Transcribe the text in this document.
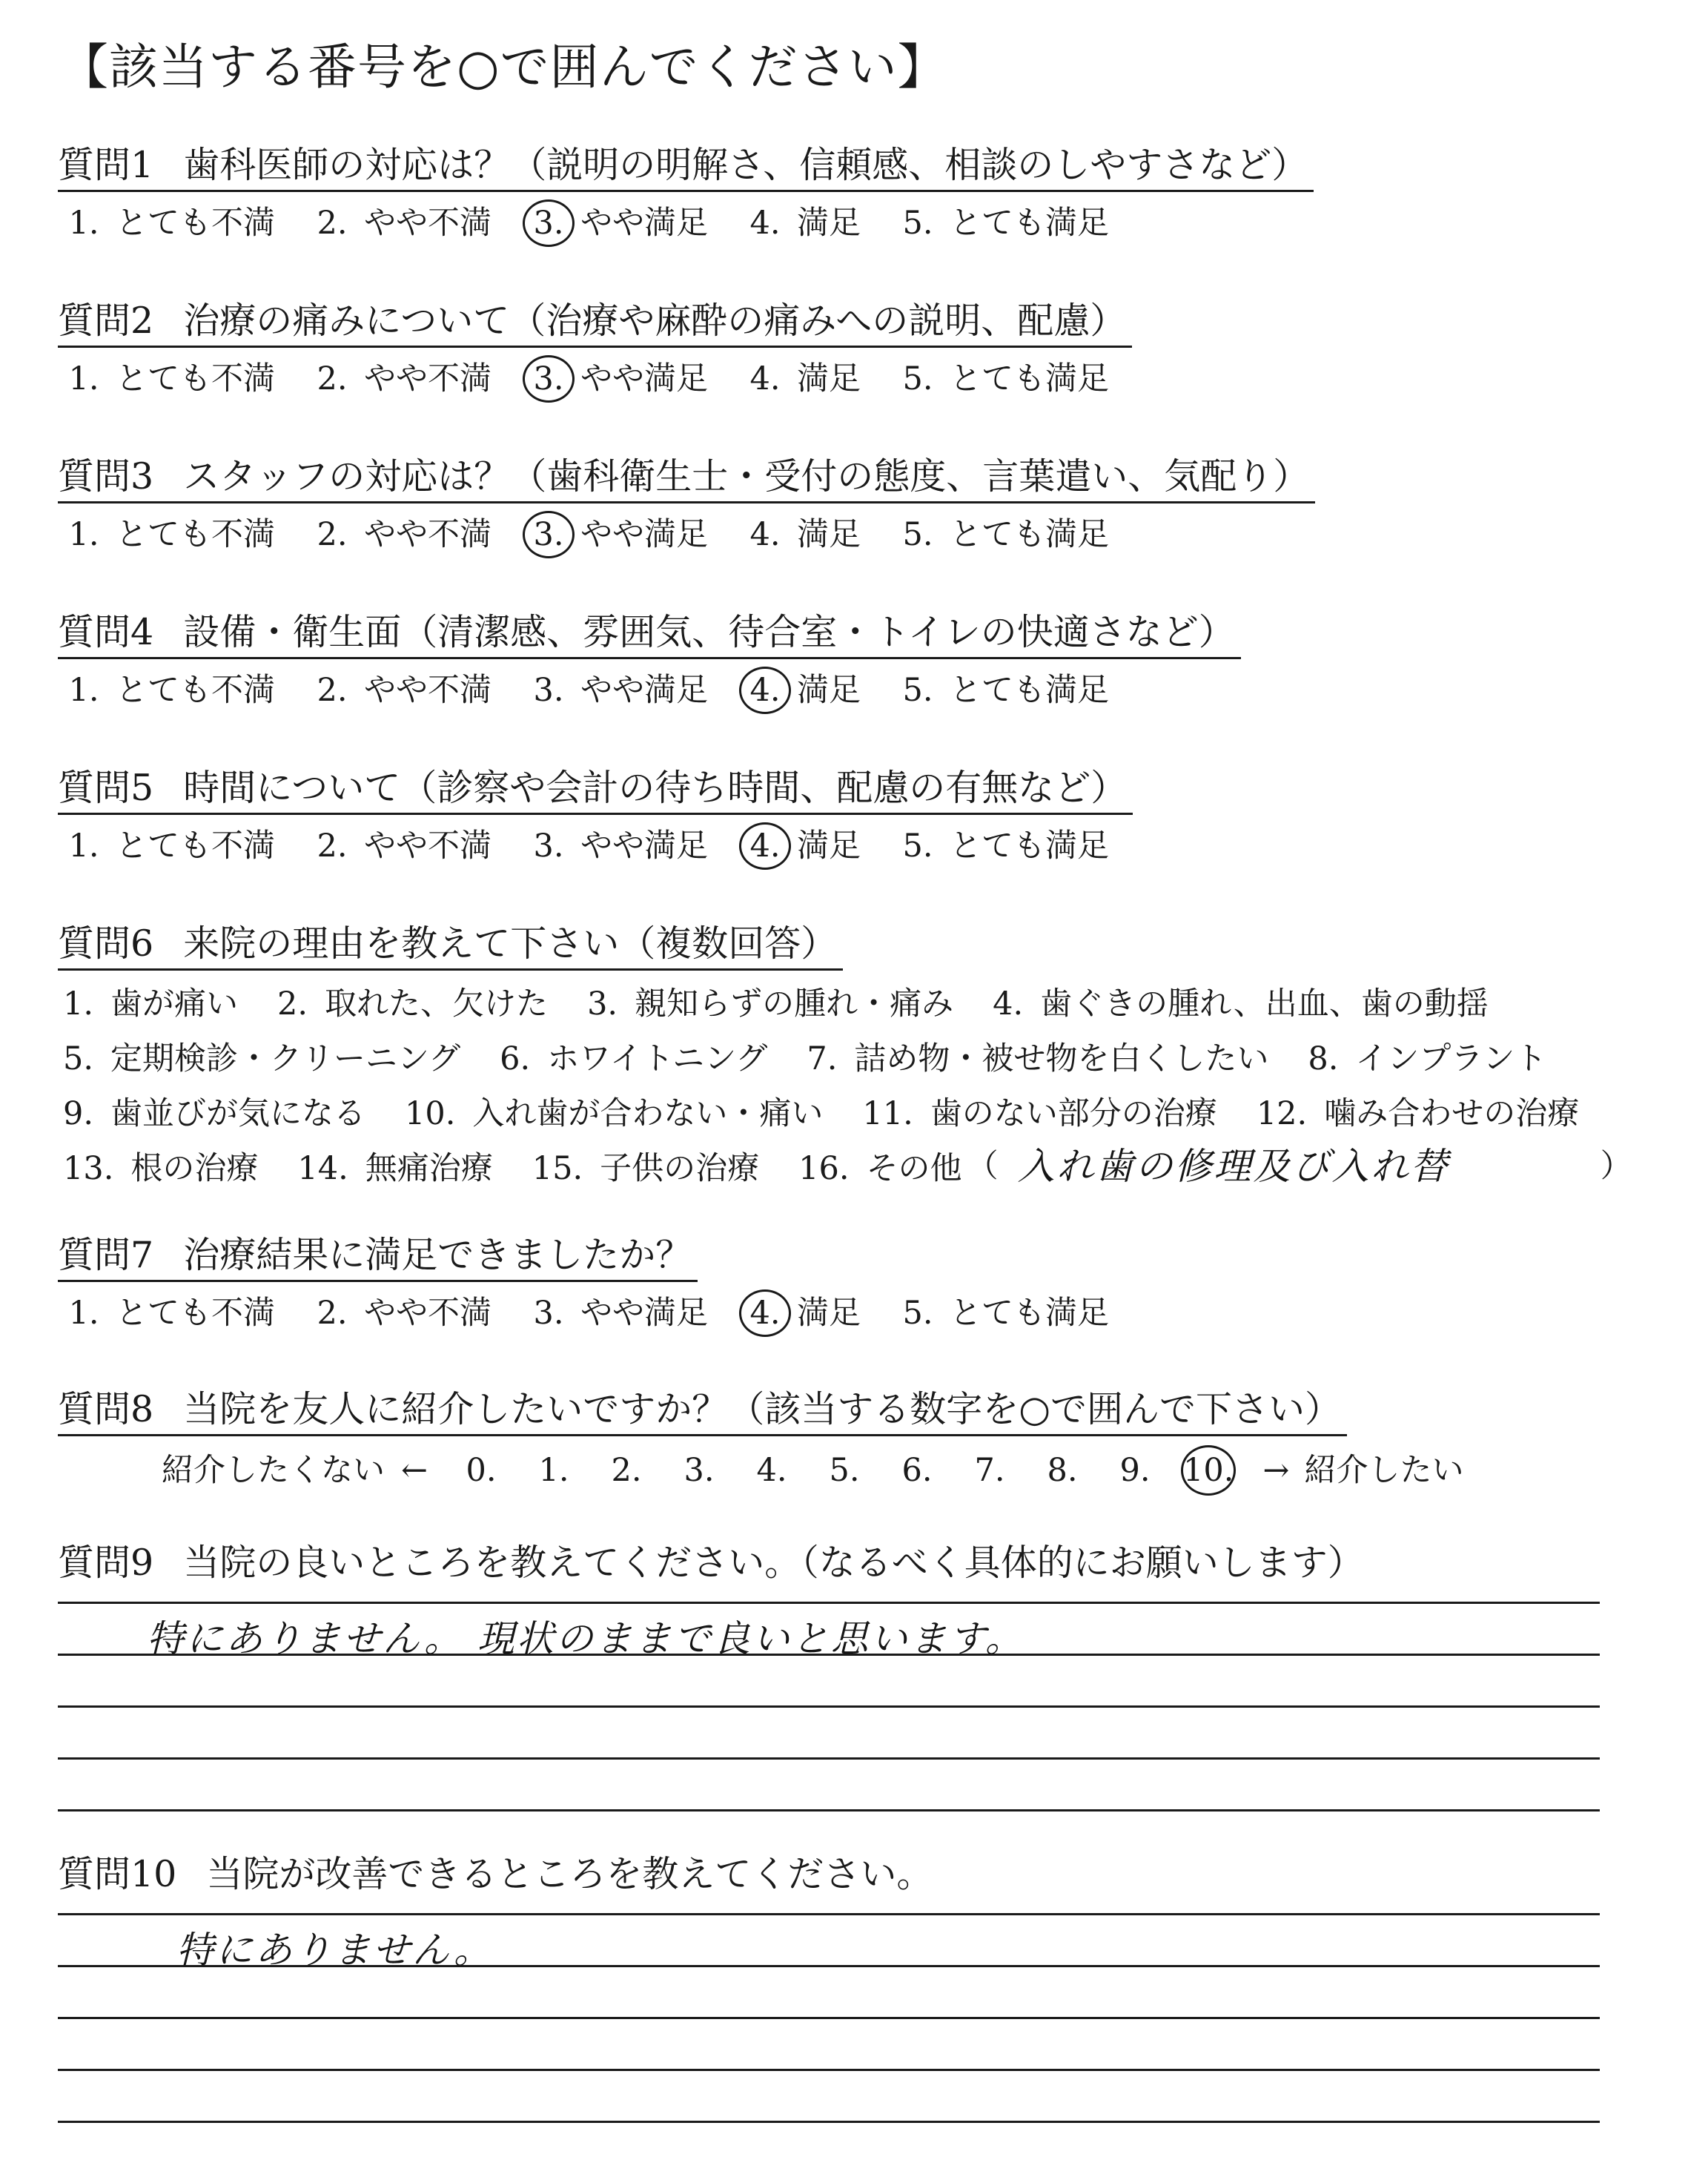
【該当する番号を○で囲んでください】
質問1 歯科医師の対応は？（説明の明解さ、信頼感、相談のしやすさなど）
1. とても不満	2. やや不満	3. やや満足	4. 満足	5. とても満足
質問2 治療の痛みについて（治療や麻酔の痛みへの説明、配慮）
1. とても不満	2. やや不満	3. やや満足	4. 満足	5. とても満足
質問3 スタッフの対応は？（歯科衛生士・受付の態度、言葉遣い、気配り）
1. とても不満	2. やや不満	3. やや満足	4. 満足	5. とても満足
質問4 設備・衛生面（清潔感、雰囲気、待合室・トイレの快適さなど）
1. とても不満	2. やや不満	3. やや満足	4. 満足	5. とても満足
質問5 時間について（診察や会計の待ち時間、配慮の有無など）
1. とても不満	2. やや不満	3. やや満足	4. 満足	5. とても満足
質問6 来院の理由を教えて下さい（複数回答）
1. 歯が痛い 2. 取れた、欠けた 3. 親知らずの腫れ・痛み 4. 歯ぐきの腫れ、出血、歯の動揺
5. 定期検診・クリーニング 6. ホワイトニング 7. 詰め物・被せ物を白くしたい 8. インプラント
9. 歯並びが気になる 10. 入れ歯が合わない・痛い 11. 歯のない部分の治療 12. 噛み合わせの治療
13. 根の治療 14. 無痛治療 15. 子供の治療 16. その他 （ 入れ歯の修理及び入れ替	）
質問7 治療結果に満足できましたか？
1. とても不満	2. やや不満	3. やや満足	4. 満足	5. とても満足
質問8 当院を友人に紹介したいですか？（該当する数字を○で囲んで下さい）
紹介したくない ←	0.	1.	2.	3.	4.	5.	6.	7.	8.	9.	10. → 紹介したい
質問9 当院の良いところを教えてください。（なるべく具体的にお願いします）
特にありません。 現状のままで良いと思います。
質問10 当院が改善できるところを教えてください。
特にありません。
